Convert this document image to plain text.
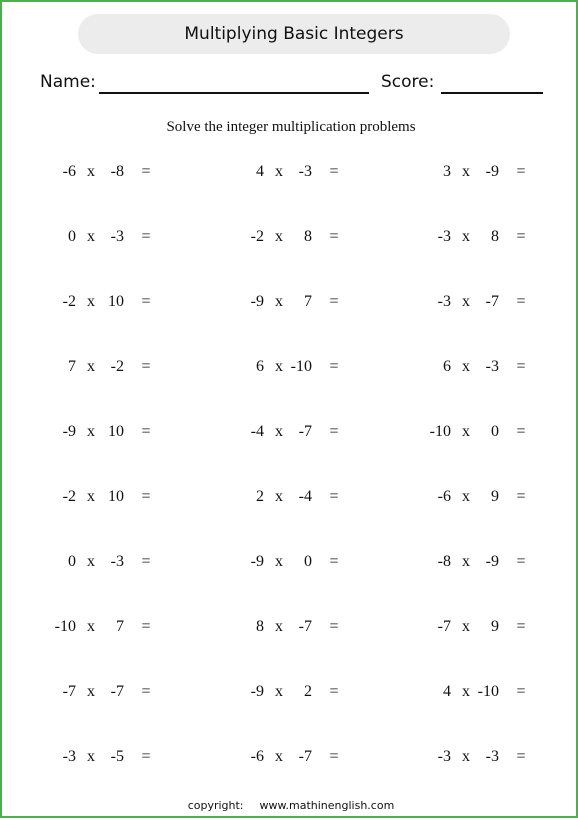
Multiplying Basic Integers
Name:	Score:
Solve the integer multiplication problems
-6 x -8 =	4 x -3 =	3 x -9 =
0 x -3 =	-2 x	8 =	-3 x	8 =
-2 x 10 =	-9 x	7 =	-3 x -7 =
7 x -2 =	6 x -10 =	6 x -3 =
-9 x 10 =	-4 x -7 =	-10 x	0 =
-2 x 10 =	2 x -4 =	-6 x	9 =
0 x -3 =	-9 x	0 =	-8 x -9 =
-10 x	7 =	8 x -7 =	-7 x	9 =
-7 x -7 =	-9 x	2 =	4 x -10 =
-3 x -5 =	-6 x -7 =	-3 x -3 =
copyright: www.mathinenglish.com
